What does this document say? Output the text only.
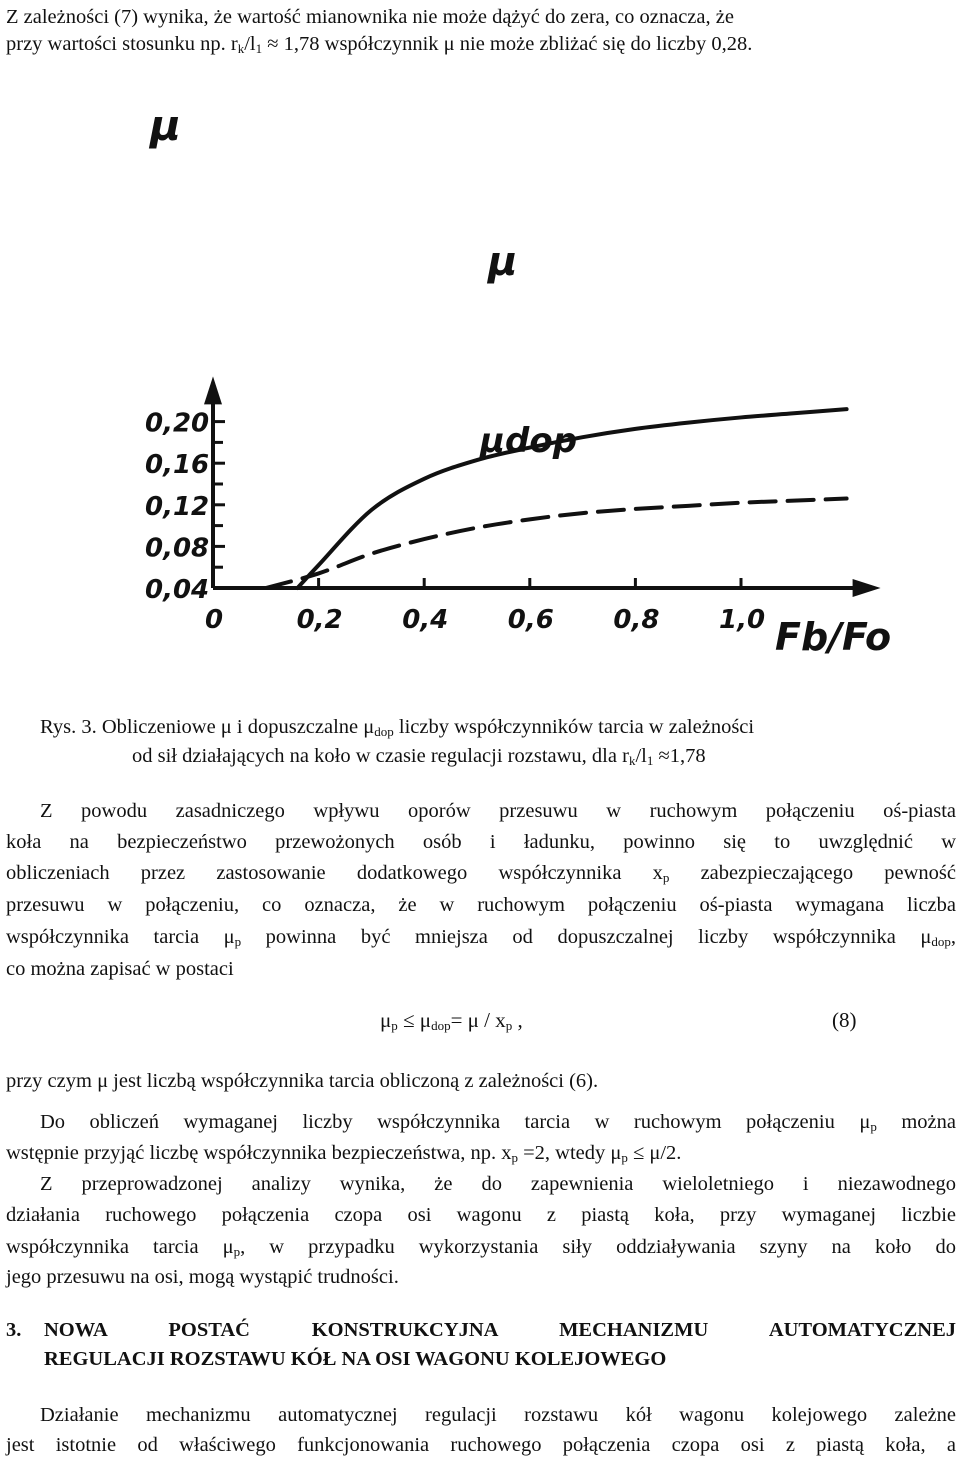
Z zależności (7) wynika, że wartość mianownika nie może dążyć do zera, co oznacza, że
przy wartości stosunku np. $r_k/l_1 \approx 1,78$ współczynnik μ nie może zbliżać się do liczby 0,28.
0,04
0,08
0,12
0,16
0,20
0	0,2 0,4 0,6 0,8 1,0
μ
Fb/Fo
μ
μdop
Rys. 3. Obliczeniowe μ i dopuszczalne $\mu_{dop}$ liczby współczynników tarcia w zależności
od sił działających na koło w czasie regulacji rozstawu, dla $r_k/l_1 \approx 1,78$
Z powodu zasadniczego wpływu oporów przesuwu w ruchowym połączeniu oś-piasta
koła na bezpieczeństwo przewożonych osób i ładunku, powinno się to uwzględnić w
obliczeniach przez zastosowanie dodatkowego współczynnika $x_p$ zabezpieczającego pewność
przesuwu w połączeniu, co oznacza, że w ruchowym połączeniu oś-piasta wymagana liczba
współczynnika tarcia $\mu_p$ powinna być mniejsza od dopuszczalnej liczby współczynnika $\mu_{dop}$,
co można zapisać w postaci
$\mu_p \le \mu_{dop}= \mu / x_p$ ,	(8)
przy czym μ jest liczbą współczynnika tarcia obliczoną z zależności (6).
Do obliczeń wymaganej liczby współczynnika tarcia w ruchowym połączeniu $\mu_p$ można
wstępnie przyjąć liczbę współczynnika bezpieczeństwa, np. $x_p =2$, wtedy $\mu_p \le \mu/2$.
Z przeprowadzonej analizy wynika, że do zapewnienia wieloletniego i niezawodnego
działania ruchowego połączenia czopa osi wagonu z piastą koła, przy wymaganej liczbie
współczynnika tarcia $\mu_p$, w przypadku wykorzystania siły oddziaływania szyny na koło do
jego przesuwu na osi, mogą wystąpić trudności.
3.	NOWA POSTAĆ KONSTRUKCYJNA MECHANIZMU AUTOMATYCZNEJ
REGULACJI ROZSTAWU KÓŁ NA OSI WAGONU KOLEJOWEGO
Działanie mechanizmu automatycznej regulacji rozstawu kół wagonu kolejowego zależne
jest istotnie od właściwego funkcjonowania ruchowego połączenia czopa osi z piastą koła, a
